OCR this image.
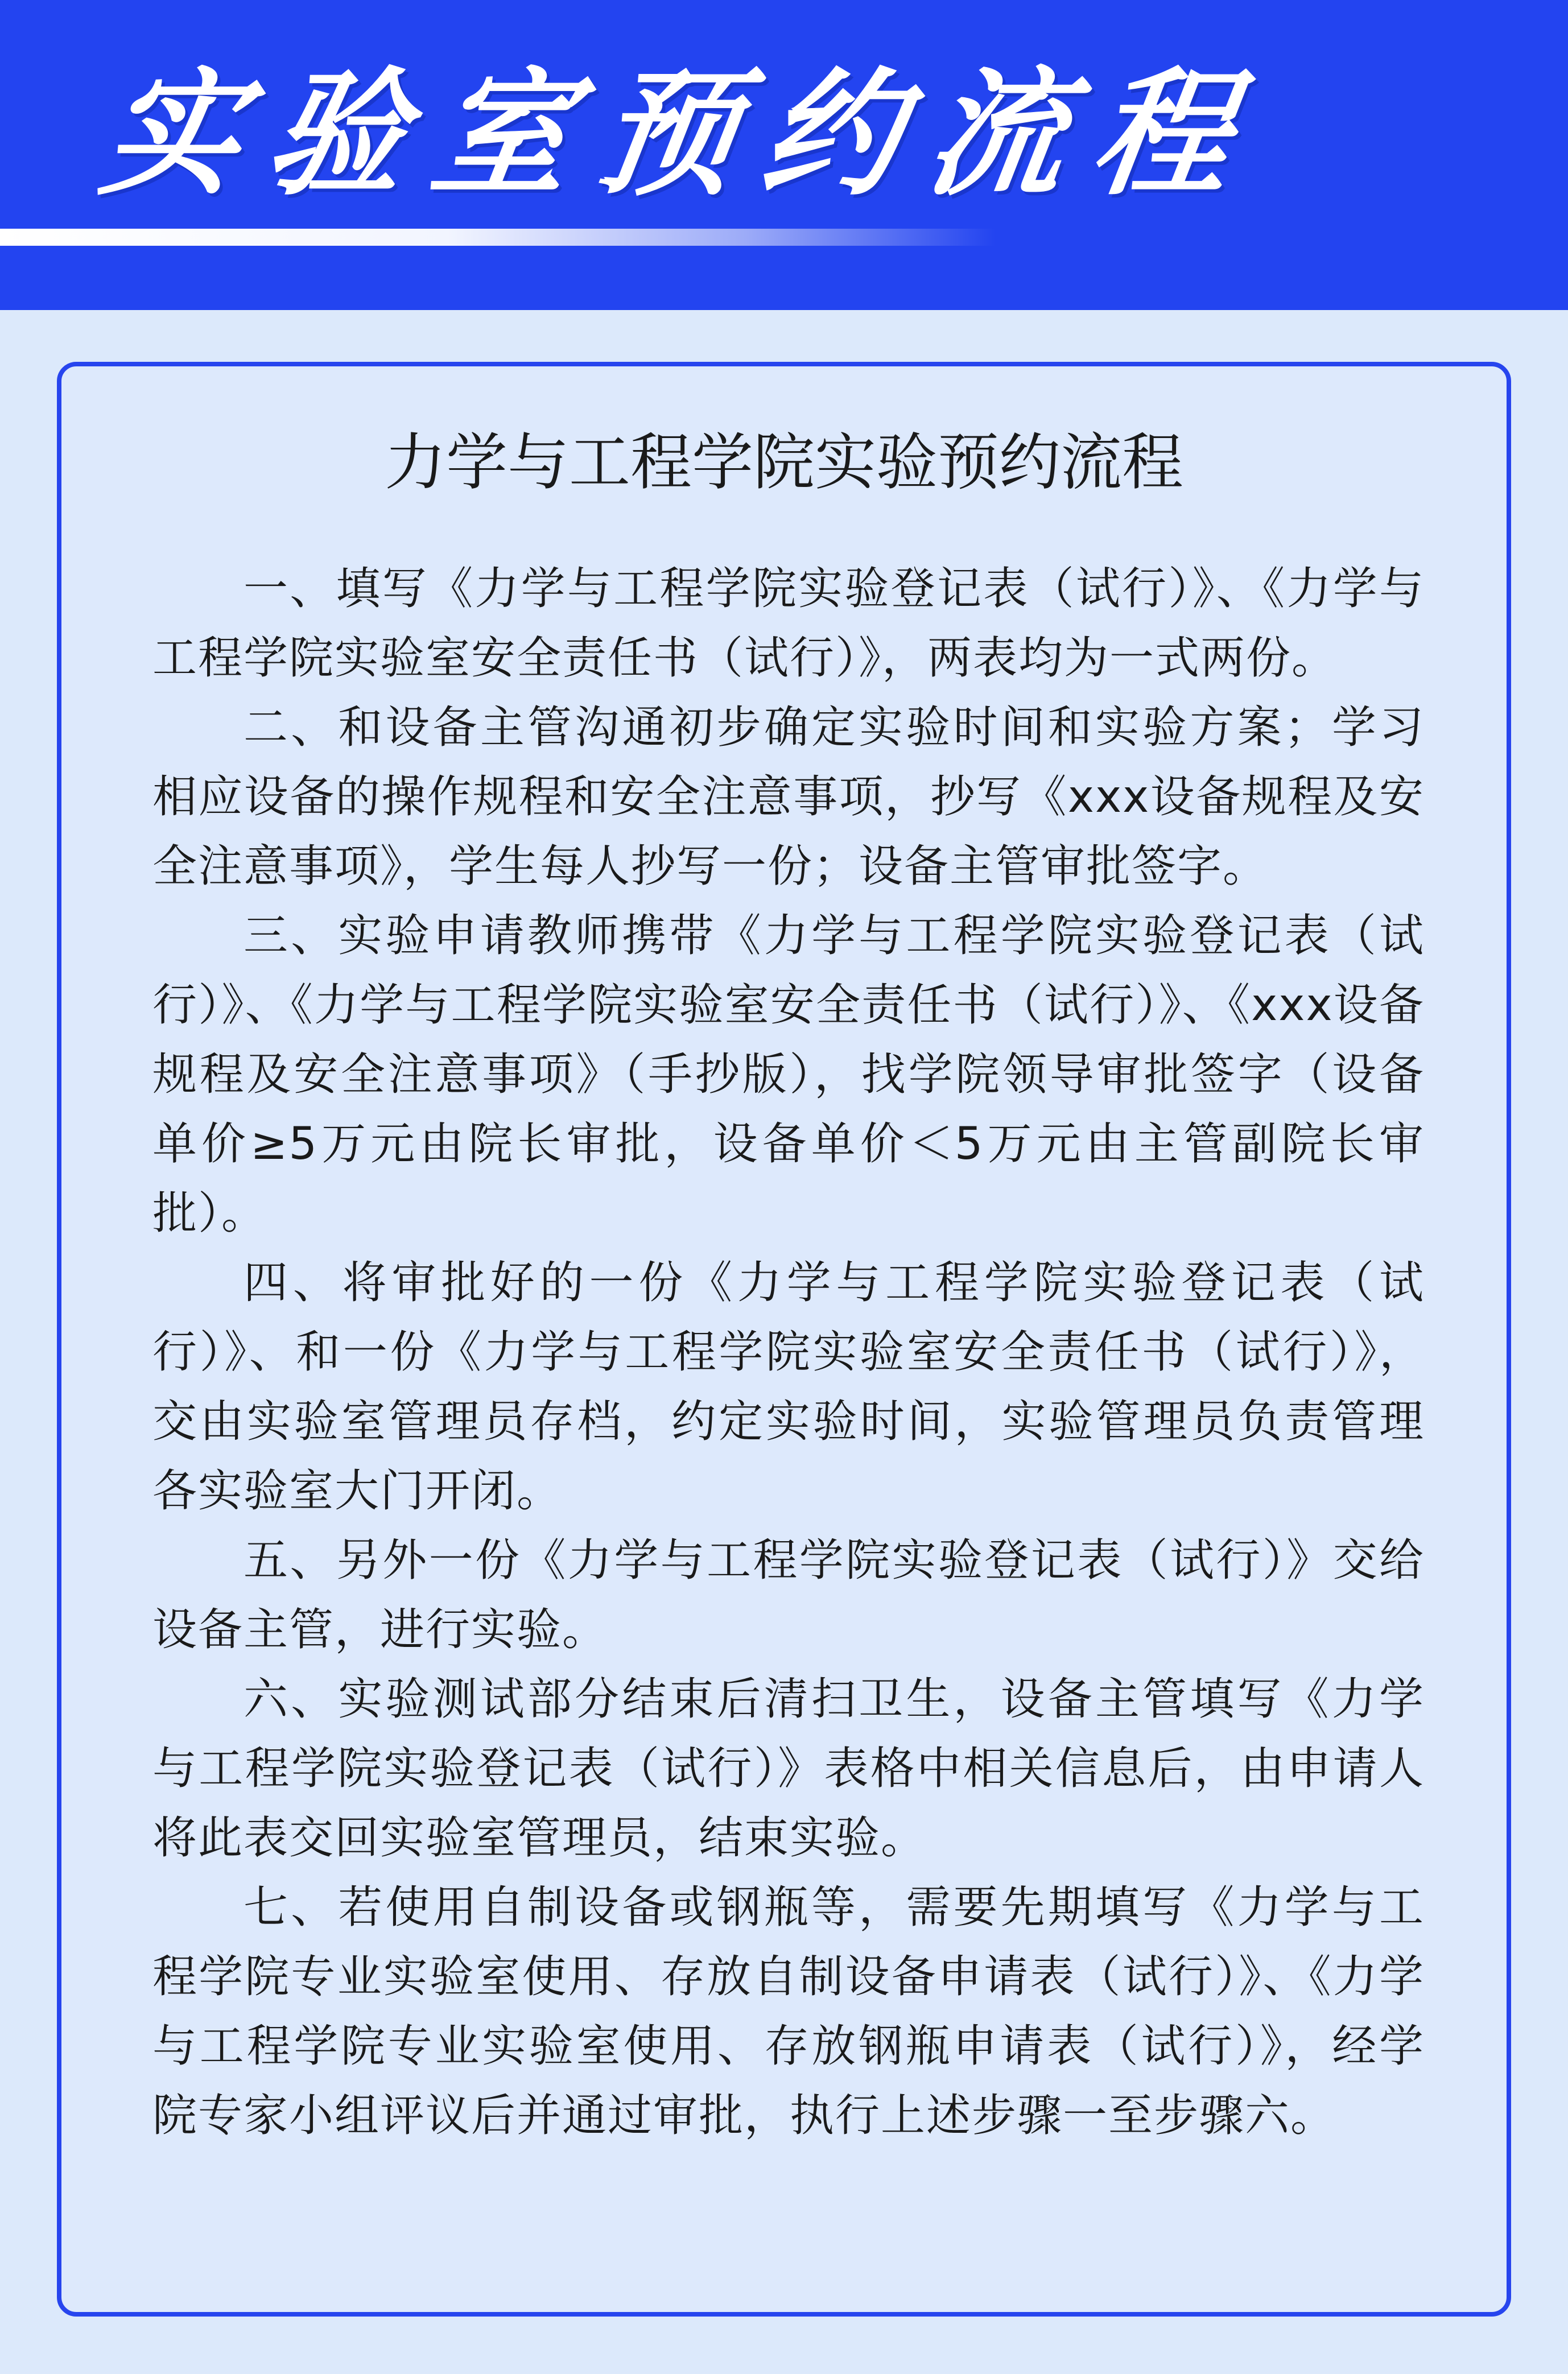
实验室预约流程
力学与工程学院实验预约流程

一、填写《力学与工程学院实验登记表（试行）》、《力学与工程学院实验室安全责任书（试行）》，两表均为一式两份。

二、和设备主管沟通初步确定实验时间和实验方案；学习相应设备的操作规程和安全注意事项，抄写《xxx设备规程及安全注意事项》，学生每人抄写一份；设备主管审批签字。

三、实验申请教师携带《力学与工程学院实验登记表（试行）》、《力学与工程学院实验室安全责任书（试行）》、《xxx设备规程及安全注意事项》（手抄版），找学院领导审批签字（设备单价≥5万元由院长审批，设备单价＜5万元由主管副院长审批）。

四、将审批好的一份《力学与工程学院实验登记表（试行）》、和一份《力学与工程学院实验室安全责任书（试行）》，交由实验室管理员存档，约定实验时间，实验管理员负责管理各实验室大门开闭。

五、另外一份《力学与工程学院实验登记表（试行）》交给设备主管，进行实验。

六、实验测试部分结束后清扫卫生，设备主管填写《力学与工程学院实验登记表（试行）》表格中相关信息后，由申请人将此表交回实验室管理员，结束实验。

七、若使用自制设备或钢瓶等，需要先期填写《力学与工程学院专业实验室使用、存放自制设备申请表（试行）》、《力学与工程学院专业实验室使用、存放钢瓶申请表（试行）》，经学院专家小组评议后并通过审批，执行上述步骤一至步骤六。
